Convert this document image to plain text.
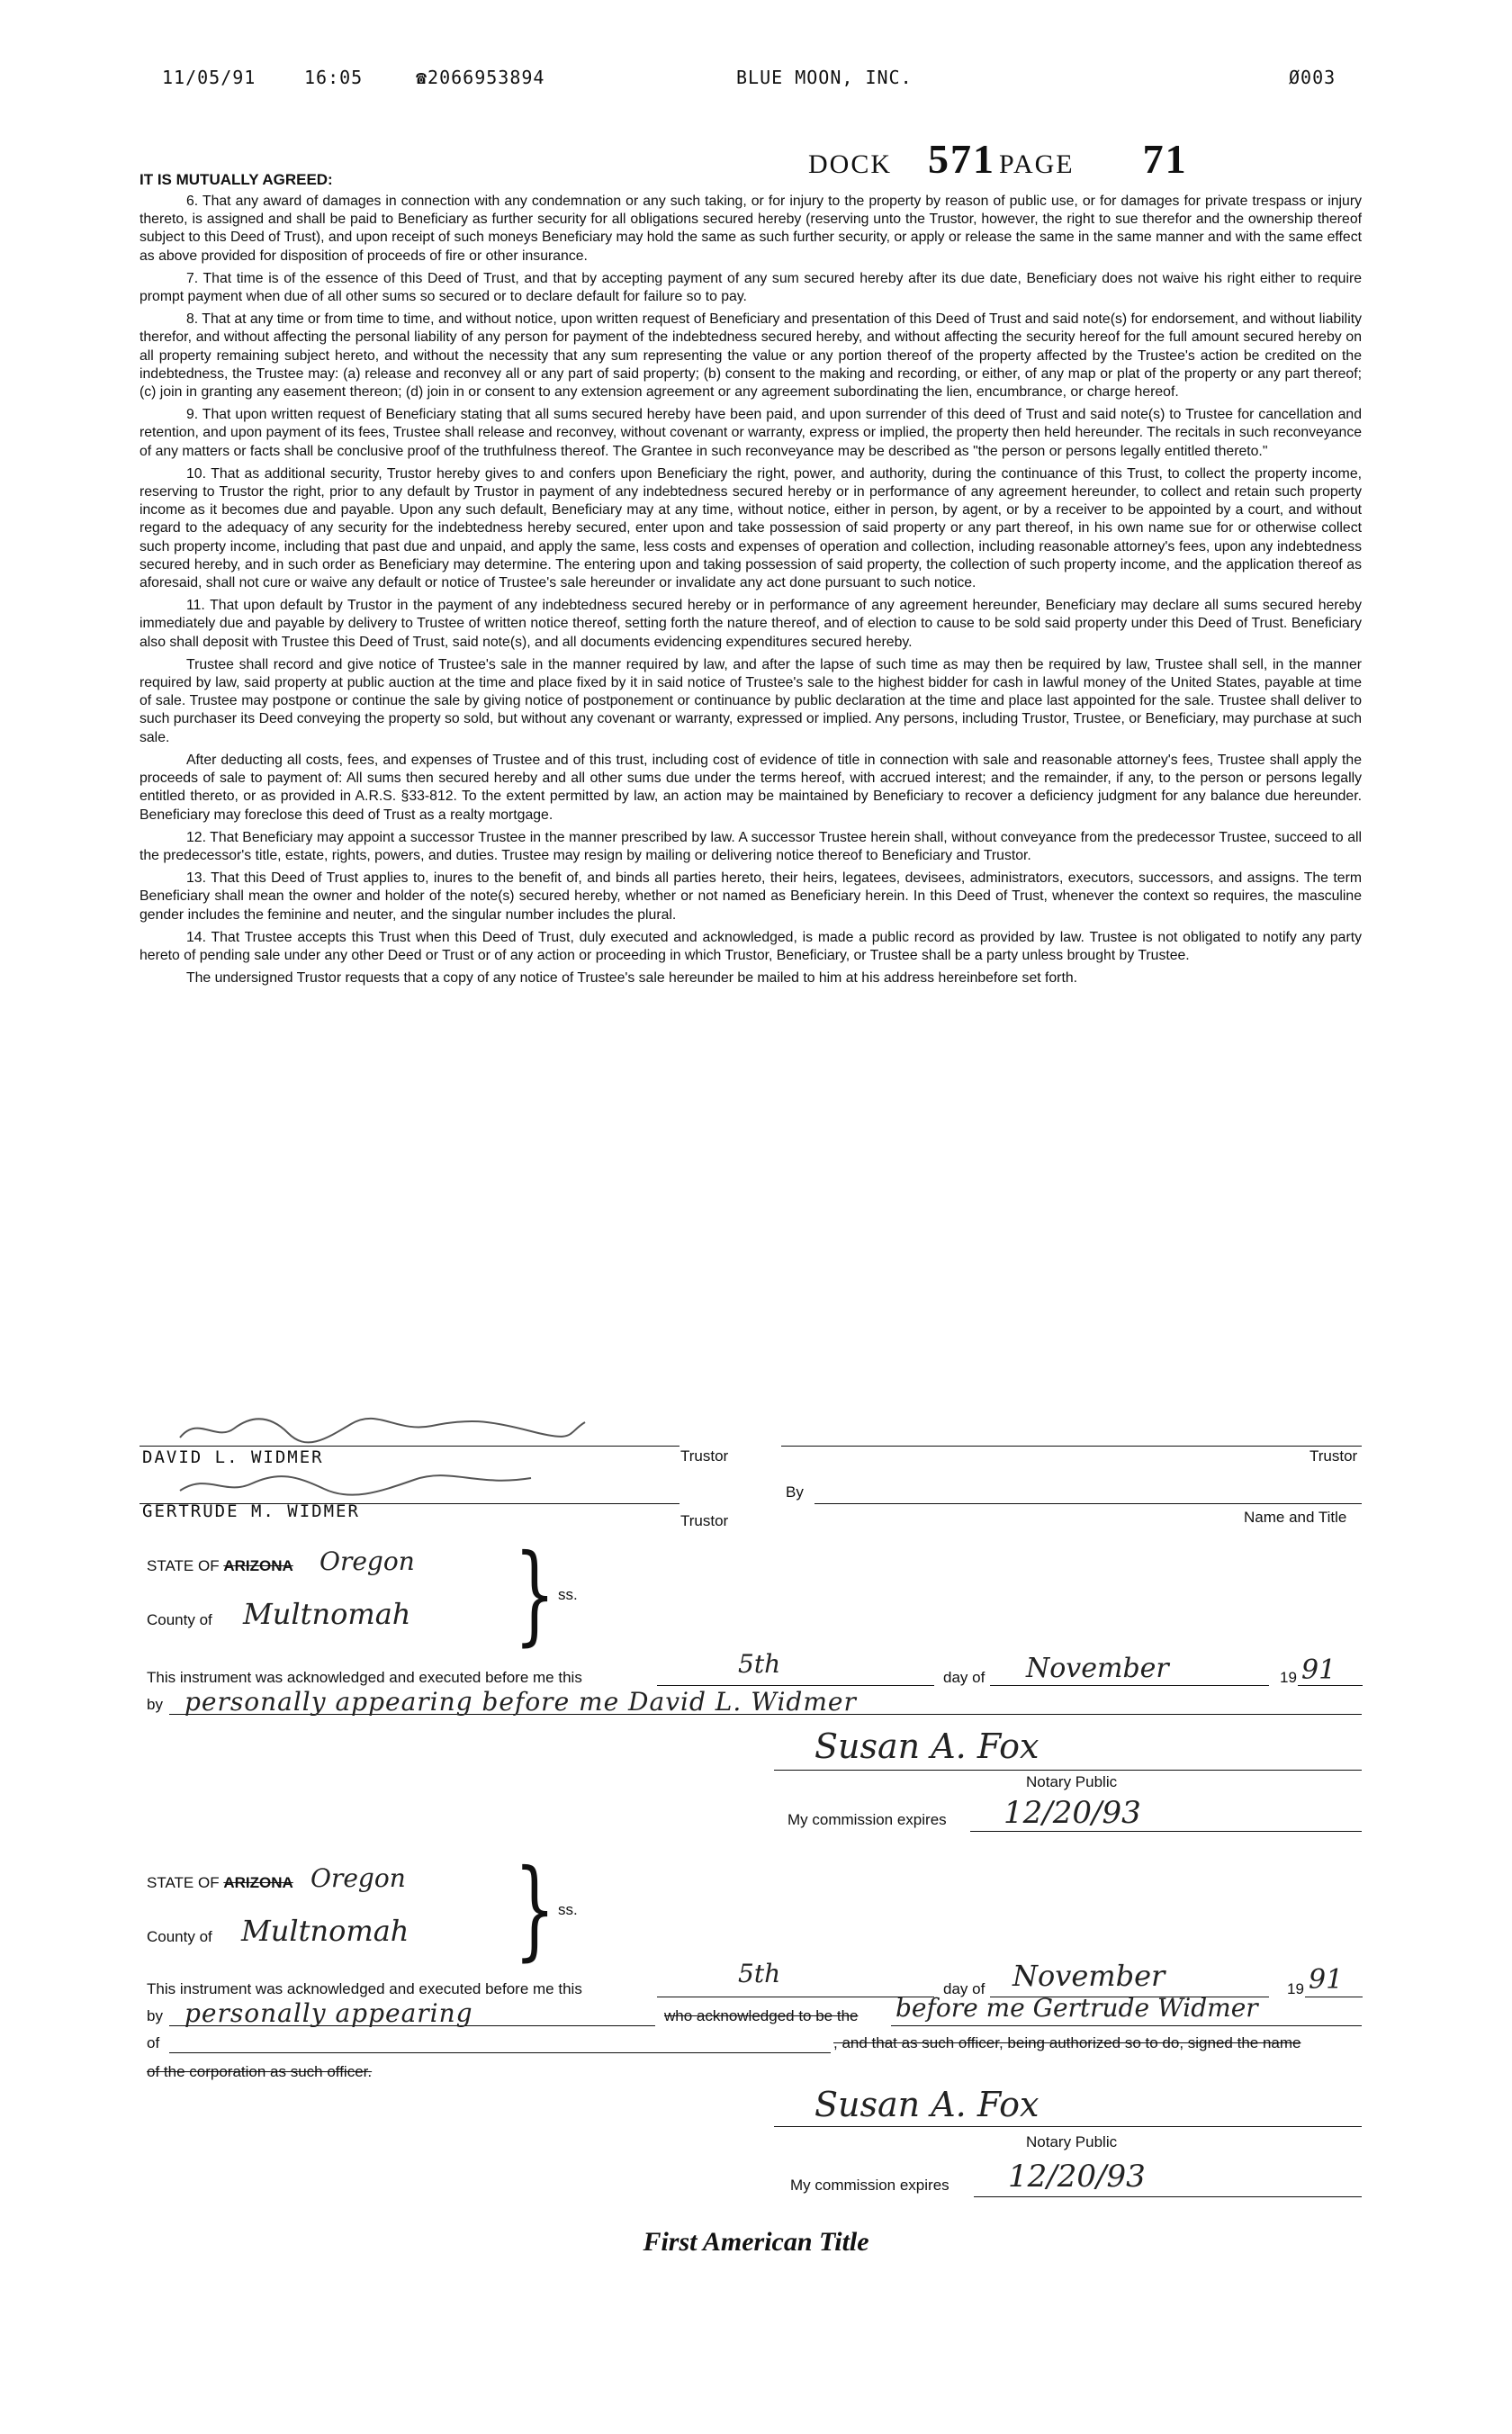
11/05/91	16:05	☎2066953894	BLUE MOON, INC.	Ø003
DOCK 571 PAGE 71
IT IS MUTUALLY AGREED:

6. That any award of damages in connection with any condemnation or any such taking, or for injury to the property by reason of public use, or for damages for private trespass or injury thereto, is assigned and shall be paid to Beneficiary as further security for all obligations secured hereby (reserving unto the Trustor, however, the right to sue therefor and the ownership thereof subject to this Deed of Trust), and upon receipt of such moneys Beneficiary may hold the same as such further security, or apply or release the same in the same manner and with the same effect as above provided for disposition of proceeds of fire or other insurance.

7. That time is of the essence of this Deed of Trust, and that by accepting payment of any sum secured hereby after its due date, Beneficiary does not waive his right either to require prompt payment when due of all other sums so secured or to declare default for failure so to pay.

8. That at any time or from time to time, and without notice, upon written request of Beneficiary and presentation of this Deed of Trust and said note(s) for endorsement, and without liability therefor, and without affecting the personal liability of any person for payment of the indebtedness secured hereby, and without affecting the security hereof for the full amount secured hereby on all property remaining subject hereto, and without the necessity that any sum representing the value or any portion thereof of the property affected by the Trustee's action be credited on the indebtedness, the Trustee may: (a) release and reconvey all or any part of said property; (b) consent to the making and recording, or either, of any map or plat of the property or any part thereof; (c) join in granting any easement thereon; (d) join in or consent to any extension agreement or any agreement subordinating the lien, encumbrance, or charge hereof.

9. That upon written request of Beneficiary stating that all sums secured hereby have been paid, and upon surrender of this deed of Trust and said note(s) to Trustee for cancellation and retention, and upon payment of its fees, Trustee shall release and reconvey, without covenant or warranty, express or implied, the property then held hereunder. The recitals in such reconveyance of any matters or facts shall be conclusive proof of the truthfulness thereof. The Grantee in such reconveyance may be described as "the person or persons legally entitled thereto."

10. That as additional security, Trustor hereby gives to and confers upon Beneficiary the right, power, and authority, during the continuance of this Trust, to collect the property income, reserving to Trustor the right, prior to any default by Trustor in payment of any indebtedness secured hereby or in performance of any agreement hereunder, to collect and retain such property income as it becomes due and payable. Upon any such default, Beneficiary may at any time, without notice, either in person, by agent, or by a receiver to be appointed by a court, and without regard to the adequacy of any security for the indebtedness hereby secured, enter upon and take possession of said property or any part thereof, in his own name sue for or otherwise collect such property income, including that past due and unpaid, and apply the same, less costs and expenses of operation and collection, including reasonable attorney's fees, upon any indebtedness secured hereby, and in such order as Beneficiary may determine. The entering upon and taking possession of said property, the collection of such property income, and the application thereof as aforesaid, shall not cure or waive any default or notice of Trustee's sale hereunder or invalidate any act done pursuant to such notice.

11. That upon default by Trustor in the payment of any indebtedness secured hereby or in performance of any agreement hereunder, Beneficiary may declare all sums secured hereby immediately due and payable by delivery to Trustee of written notice thereof, setting forth the nature thereof, and of election to cause to be sold said property under this Deed of Trust. Beneficiary also shall deposit with Trustee this Deed of Trust, said note(s), and all documents evidencing expenditures secured hereby.

Trustee shall record and give notice of Trustee's sale in the manner required by law, and after the lapse of such time as may then be required by law, Trustee shall sell, in the manner required by law, said property at public auction at the time and place fixed by it in said notice of Trustee's sale to the highest bidder for cash in lawful money of the United States, payable at time of sale. Trustee may postpone or continue the sale by giving notice of postponement or continuance by public declaration at the time and place last appointed for the sale. Trustee shall deliver to such purchaser its Deed conveying the property so sold, but without any covenant or warranty, expressed or implied. Any persons, including Trustor, Trustee, or Beneficiary, may purchase at such sale.

After deducting all costs, fees, and expenses of Trustee and of this trust, including cost of evidence of title in connection with sale and reasonable attorney's fees, Trustee shall apply the proceeds of sale to payment of: All sums then secured hereby and all other sums due under the terms hereof, with accrued interest; and the remainder, if any, to the person or persons legally entitled thereto, or as provided in A.R.S. §33-812. To the extent permitted by law, an action may be maintained by Beneficiary to recover a deficiency judgment for any balance due hereunder. Beneficiary may foreclose this deed of Trust as a realty mortgage.

12. That Beneficiary may appoint a successor Trustee in the manner prescribed by law. A successor Trustee herein shall, without conveyance from the predecessor Trustee, succeed to all the predecessor's title, estate, rights, powers, and duties. Trustee may resign by mailing or delivering notice thereof to Beneficiary and Trustor.

13. That this Deed of Trust applies to, inures to the benefit of, and binds all parties hereto, their heirs, legatees, devisees, administrators, executors, successors, and assigns. The term Beneficiary shall mean the owner and holder of the note(s) secured hereby, whether or not named as Beneficiary herein. In this Deed of Trust, whenever the context so requires, the masculine gender includes the feminine and neuter, and the singular number includes the plural.

14. That Trustee accepts this Trust when this Deed of Trust, duly executed and acknowledged, is made a public record as provided by law. Trustee is not obligated to notify any party hereto of pending sale under any other Deed or Trust or of any action or proceeding in which Trustor, Beneficiary, or Trustee shall be a party unless brought by Trustee.

The undersigned Trustor requests that a copy of any notice of Trustee's sale hereunder be mailed to him at his address hereinbefore set forth.

DAVID L. WIDMER	Trustor
GERTRUDE M. WIDMER	Trustor
Trustor
By
Name and Title
STATE OF ARIZONA Oregon
County of Multnomah } ss.
This instrument was acknowledged and executed before me this	5th	day of November	19 91
by personally appearing before me David L. Widmer
Susan A. Fox
Notary Public
My commission expires 12/20/93
STATE OF ARIZONA Oregon
County of Multnomah } ss.
This instrument was acknowledged and executed before me this
5th
day of November	19 91
by personally appearing	who acknowledged to be the before me Gertrude Widmer
of	, and that as such officer, being authorized so to do, signed the name
of the corporation as such officer.
Susan A. Fox
Notary Public
My commission expires 12/20/93
First American Title
